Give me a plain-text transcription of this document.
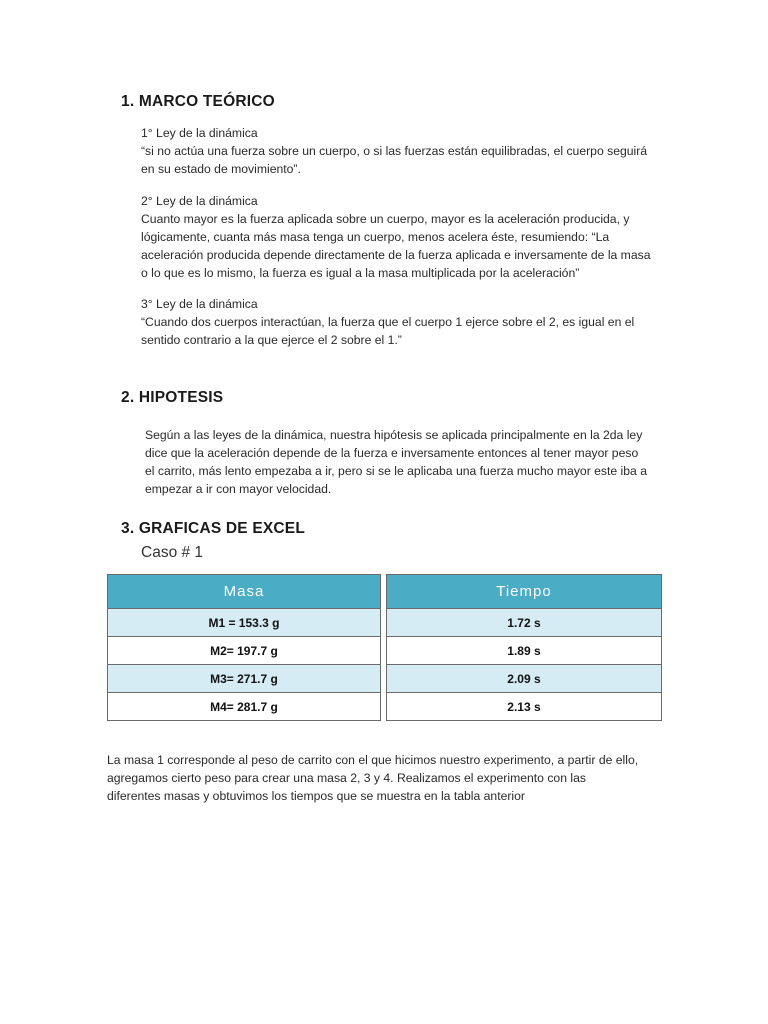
1. MARCO TEÓRICO

1° Ley de la dinámica
“si no actúa una fuerza sobre un cuerpo, o si las fuerzas están equilibradas, el cuerpo seguirá
en su estado de movimiento”.

2° Ley de la dinámica
Cuanto mayor es la fuerza aplicada sobre un cuerpo, mayor es la aceleración producida, y
lógicamente, cuanta más masa tenga un cuerpo, menos acelera éste, resumiendo: “La
aceleración producida depende directamente de la fuerza aplicada e inversamente de la masa
o lo que es lo mismo, la fuerza es igual a la masa multiplicada por la aceleración”

3° Ley de la dinámica
“Cuando dos cuerpos interactúan, la fuerza que el cuerpo 1 ejerce sobre el 2, es igual en el
sentido contrario a la que ejerce el 2 sobre el 1.”

2. HIPOTESIS

Según a las leyes de la dinámica, nuestra hipótesis se aplicada principalmente en la 2da ley
dice que la aceleración depende de la fuerza e inversamente entonces al tener mayor peso
el carrito, más lento empezaba a ir, pero si se le aplicaba una fuerza mucho mayor este iba a
empezar a ir con mayor velocidad.

3. GRAFICAS DE EXCEL
Caso # 1
Masa		Tiempo
M1 = 153.3 g		1.72 s
M2= 197.7 g		1.89 s
M3= 271.7 g		2.09 s
M4= 281.7 g		2.13 s

La masa 1 corresponde al peso de carrito con el que hicimos nuestro experimento, a partir de ello,
agregamos cierto peso para crear una masa 2, 3 y 4. Realizamos el experimento con las
diferentes masas y obtuvimos los tiempos que se muestra en la tabla anterior
